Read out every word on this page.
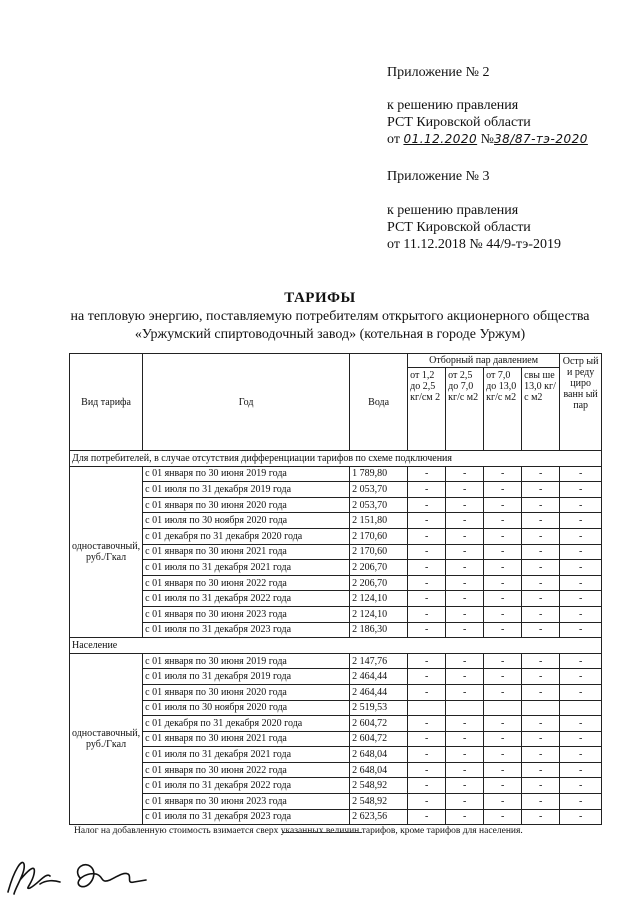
Приложение № 2
к решению правления
РСТ Кировской области
от 01.12.2020 №38/87-тэ-2020
Приложение № 3
к решению правления
РСТ Кировской области
от 11.12.2018 № 44/9-тэ-2019
ТАРИФЫ
на тепловую энергию, поставляемую потребителям открытого акционерного общества «Уржумский спиртоводочный завод» (котельная в городе Уржум)
Вид тарифа	Год	Вода	Отборный пар давлением				Остр ый и реду циро ванн ый пар
			от 1,2 до 2,5 кг/см 2	от 2,5 до 7,0 кг/с м2	от 7,0 до 13,0 кг/с м2	свы ше 13,0 кг/с м2	
Для потребителей, в случае отсутствия дифференциации тарифов по схеме подключения							
одноставочный, руб./Гкал	с 01 января по 30 июня 2019 года	1 789,80	-	-	-	-	-
	с 01 июля по 31 декабря 2019 года	2 053,70	-	-	-	-	-
	с 01 января по 30 июня 2020 года	2 053,70	-	-	-	-	-
	с 01 июля по 30 ноября 2020 года	2 151,80	-	-	-	-	-
	с 01 декабря по 31 декабря 2020 года	2 170,60	-	-	-	-	-
	с 01 января по 30 июня 2021 года	2 170,60	-	-	-	-	-
	с 01 июля по 31 декабря 2021 года	2 206,70	-	-	-	-	-
	с 01 января по 30 июня 2022 года	2 206,70	-	-	-	-	-
	с 01 июля по 31 декабря 2022 года	2 124,10	-	-	-	-	-
	с 01 января по 30 июня 2023 года	2 124,10	-	-	-	-	-
	с 01 июля по 31 декабря 2023 года	2 186,30	-	-	-	-	-
Население							
одноставочный, руб./Гкал	с 01 января по 30 июня 2019 года	2 147,76	-	-	-	-	-
	с 01 июля по 31 декабря 2019 года	2 464,44	-	-	-	-	-
	с 01 января по 30 июня 2020 года	2 464,44	-	-	-	-	-
	с 01 июля по 30 ноября 2020 года	2 519,53					
	с 01 декабря по 31 декабря 2020 года	2 604,72	-	-	-	-	-
	с 01 января по 30 июня 2021 года	2 604,72	-	-	-	-	-
	с 01 июля по 31 декабря 2021 года	2 648,04	-	-	-	-	-
	с 01 января по 30 июня 2022 года	2 648,04	-	-	-	-	-
	с 01 июля по 31 декабря 2022 года	2 548,92	-	-	-	-	-
	с 01 января по 30 июня 2023 года	2 548,92	-	-	-	-	-
	с 01 июля по 31 декабря 2023 года	2 623,56	-	-	-	-	-
Налог на добавленную стоимость взимается сверх указанных величин тарифов, кроме тарифов для населения.
